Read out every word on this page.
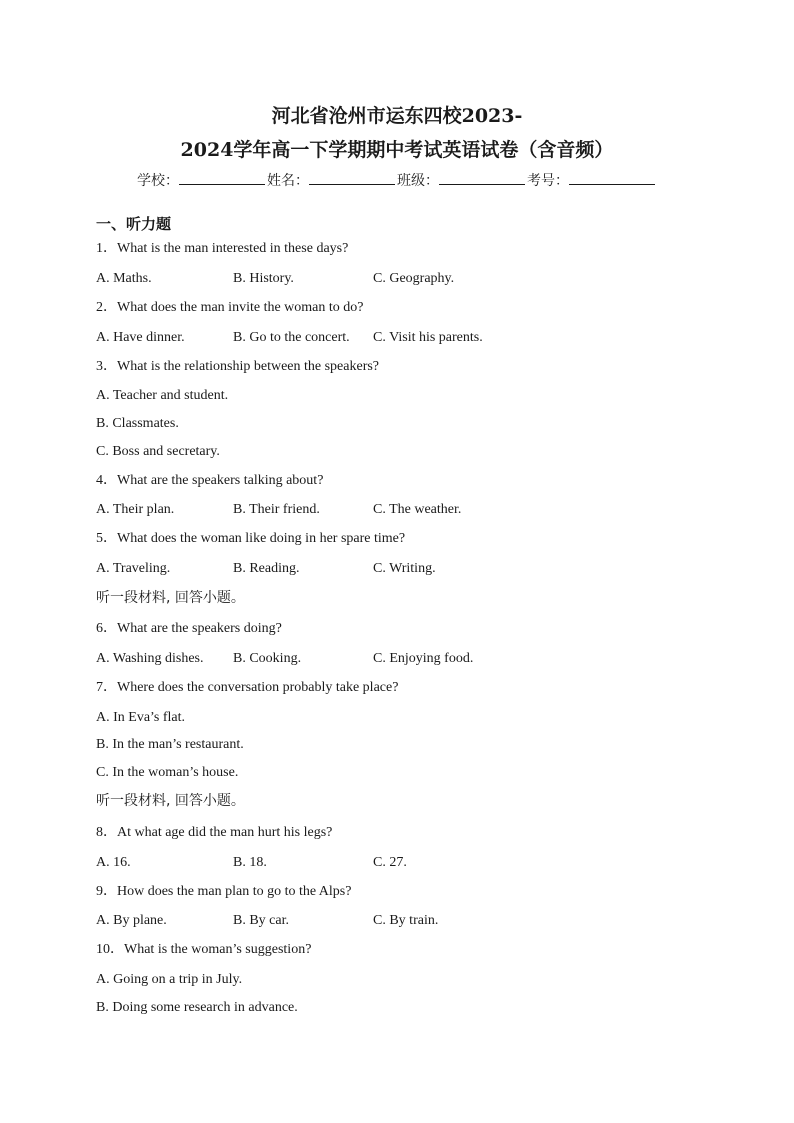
河北省沧州市运东四校2023-
2024学年高一下学期期中考试英语试卷（含音频）
学校：	姓名：	班级：	考号：
一、听力题
1．What is the man interested in these days?
A. Maths.	B. History.	C. Geography.
2．What does the man invite the woman to do?
A. Have dinner.	B. Go to the concert. C. Visit his parents.
3．What is the relationship between the speakers?
A. Teacher and student.
B. Classmates.
C. Boss and secretary.
4．What are the speakers talking about?
A. Their plan.	B. Their friend.	C. The weather.
5．What does the woman like doing in her spare time?
A. Traveling.	B. Reading.	C. Writing.
听一段材料, 回答小题。
6．What are the speakers doing?
A. Washing dishes. B. Cooking.	C. Enjoying food.
7．Where does the conversation probably take place?
A. In Eva’s flat.
B. In the man’s restaurant.
C. In the woman’s house.
听一段材料, 回答小题。
8．At what age did the man hurt his legs?
A. 16.	B. 18.	C. 27.
9．How does the man plan to go to the Alps?
A. By plane.	B. By car.	C. By train.
10．What is the woman’s suggestion?
A. Going on a trip in July.
B. Doing some research in advance.
